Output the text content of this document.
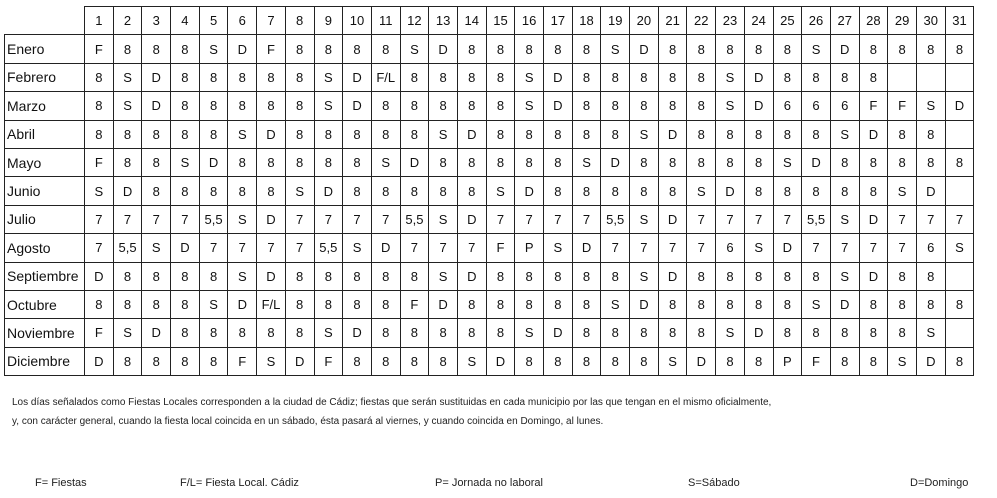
	1	2	3	4	5	6	7	8	9	10	11	12	13	14	15	16	17	18	19	20	21	22	23	24	25	26	27	28	29	30	31
Enero	F	8	8	8	S	D	F	8	8	8	8	S	D	8	8	8	8	8	S	D	8	8	8	8	8	S	D	8	8	8	8
Febrero	8	S	D	8	8	8	8	8	S	D	F/L	8	8	8	8	S	D	8	8	8	8	8	S	D	8	8	8	8			
Marzo	8	S	D	8	8	8	8	8	S	D	8	8	8	8	8	S	D	8	8	8	8	8	S	D	6	6	6	F	F	S	D
Abril	8	8	8	8	8	S	D	8	8	8	8	8	S	D	8	8	8	8	8	S	D	8	8	8	8	8	S	D	8	8	
Mayo	F	8	8	S	D	8	8	8	8	8	S	D	8	8	8	8	8	S	D	8	8	8	8	8	S	D	8	8	8	8	8
Junio	S	D	8	8	8	8	8	S	D	8	8	8	8	8	S	D	8	8	8	8	8	S	D	8	8	8	8	8	S	D	
Julio	7	7	7	7	5,5	S	D	7	7	7	7	5,5	S	D	7	7	7	7	5,5	S	D	7	7	7	7	5,5	S	D	7	7	7
Agosto	7	5,5	S	D	7	7	7	7	5,5	S	D	7	7	7	F	P	S	D	7	7	7	7	6	S	D	7	7	7	7	6	S
Septiembre	D	8	8	8	8	S	D	8	8	8	8	8	S	D	8	8	8	8	8	S	D	8	8	8	8	8	S	D	8	8	
Octubre	8	8	8	8	S	D	F/L	8	8	8	8	F	D	8	8	8	8	8	S	D	8	8	8	8	8	S	D	8	8	8	8
Noviembre	F	S	D	8	8	8	8	8	S	D	8	8	8	8	8	S	D	8	8	8	8	8	S	D	8	8	8	8	8	S	
Diciembre	D	8	8	8	8	F	S	D	F	8	8	8	8	S	D	8	8	8	8	8	S	D	8	8	P	F	8	8	S	D	8
Los días señalados como Fiestas Locales corresponden a la ciudad de Cádiz; fiestas que serán sustituidas en cada municipio por las que tengan en el mismo oficialmente,
y, con carácter general, cuando la fiesta local coincida en un sábado, ésta pasará al viernes, y cuando coincida en Domingo, al lunes.
F= Fiestas	F/L= Fiesta Local. Cádiz	P= Jornada no laboral	S=Sábado	D=Domingo
